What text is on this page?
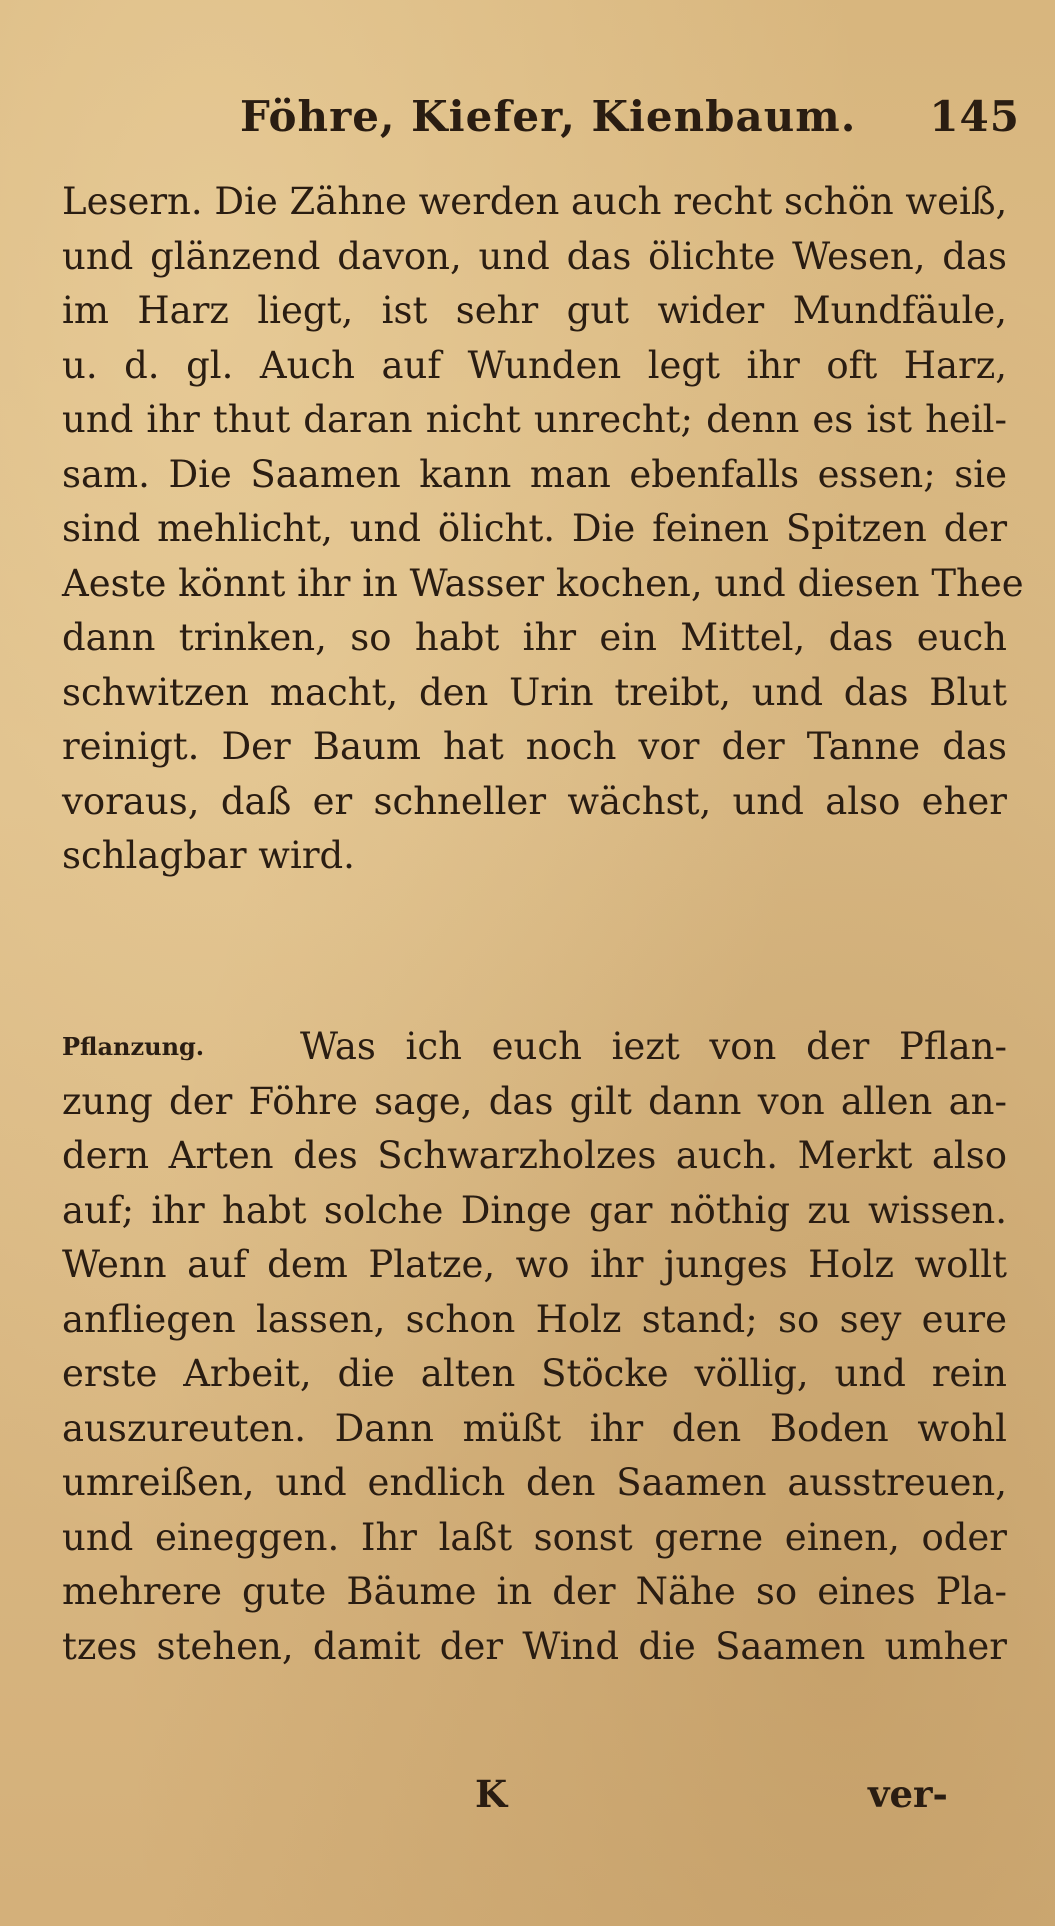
Föhre, Kiefer, Kienbaum. 145
Lesern. Die Zähne werden auch recht schön weiß,
und glänzend davon, und das ölichte Wesen, das
im Harz liegt, ist sehr gut wider Mundfäule,
u. d. gl. Auch auf Wunden legt ihr oft Harz,
und ihr thut daran nicht unrecht; denn es ist heil-
sam. Die Saamen kann man ebenfalls essen; sie
sind mehlicht, und ölicht. Die feinen Spitzen der
Aeste könnt ihr in Wasser kochen, und diesen Thee
dann trinken, so habt ihr ein Mittel, das euch
schwitzen macht, den Urin treibt, und das Blut
reinigt. Der Baum hat noch vor der Tanne das
voraus, daß er schneller wächst, und also eher
schlagbar wird.
Pflanzung.	Was ich euch iezt von der Pflan-
zung der Föhre sage, das gilt dann von allen an-
dern Arten des Schwarzholzes auch. Merkt also
auf; ihr habt solche Dinge gar nöthig zu wissen.
Wenn auf dem Platze, wo ihr junges Holz wollt
anfliegen lassen, schon Holz stand; so sey eure
erste Arbeit, die alten Stöcke völlig, und rein
auszureuten. Dann müßt ihr den Boden wohl
umreißen, und endlich den Saamen ausstreuen,
und eineggen. Ihr laßt sonst gerne einen, oder
mehrere gute Bäume in der Nähe so eines Pla-
tzes stehen, damit der Wind die Saamen umher
K	ver-
